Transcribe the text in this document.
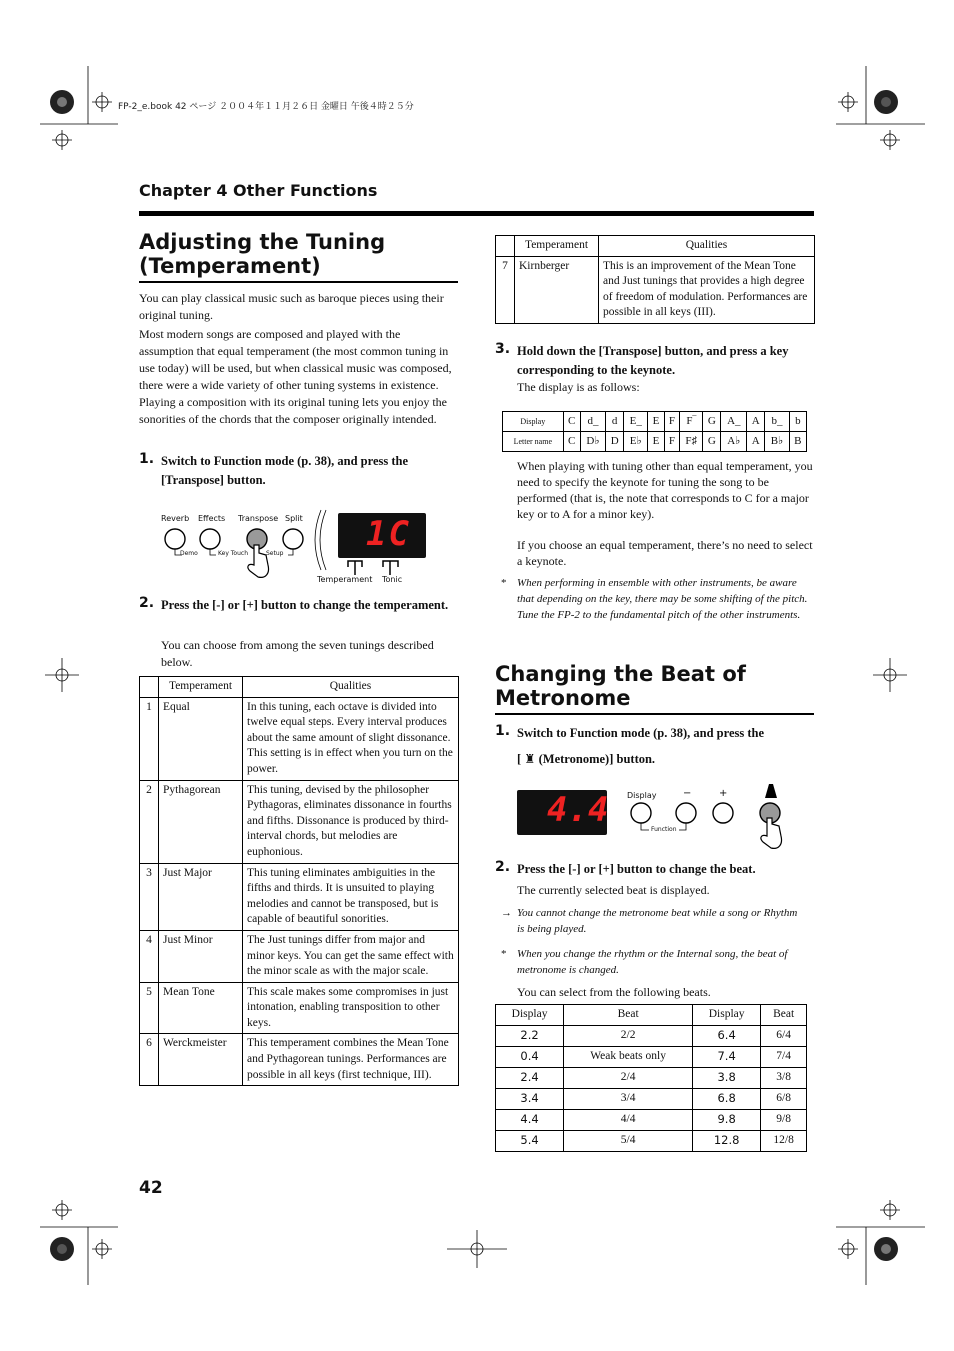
FP-2_e.book 42 ページ ２００４年１１月２６日 金曜日 午後４時２５分
Chapter 4 Other Functions
Adjusting the Tuning
(Temperament)
You can play classical music such as baroque pieces using their original tuning.
Most modern songs are composed and played with the assumption that equal temperament (the most common tuning in use today) will be used, but when classical music was composed, there were a wide variety of other tuning systems in existence. Playing a composition with its original tuning lets you enjoy the sonorities of the chords that the composer originally intended.
1. Switch to Function mode (p. 38), and press the [Transpose] button.
Reverb Effects Transpose Split
Demo	Key Touch	Setup 1C
Temperament Tonic
2. Press the [-] or [+] button to change the temperament.
You can choose from among the seven tunings described below.
	Temperament	Qualities
1	Equal	In this tuning, each octave is divided into twelve equal steps. Every interval produces about the same amount of slight dissonance. This setting is in effect when you turn on the power.
2	Pythagorean	This tuning, devised by the philosopher Pythagoras, eliminates dissonance in fourths and fifths. Dissonance is produced by third-interval chords, but melodies are euphonious.
3	Just Major	This tuning eliminates ambiguities in the fifths and thirds. It is unsuited to playing melodies and cannot be transposed, but is capable of beautiful sonorities.
4	Just Minor	The Just tunings differ from major and minor keys. You can get the same effect with the minor scale as with the major scale.
5	Mean Tone	This scale makes some compromises in just intonation, enabling transposition to other keys.
6	Werckmeister	This temperament combines the Mean Tone and Pythagorean tunings. Performances are possible in all keys (first technique, III).
	Temperament	Qualities
7	Kirnberger	This is an improvement of the Mean Tone and Just tunings that provides a high degree of freedom of modulation. Performances are possible in all keys (III).
3. Hold down the [Transpose] button, and press a key corresponding to the keynote.
The display is as follows:
Display	C	d_	d	E_	E	F	F‾	G	A_	A	b_	b
Letter name	C	D♭	D	E♭	E	F	F♯	G	A♭	A	B♭	B
When playing with tuning other than equal temperament, you need to specify the keynote for tuning the song to be performed (that is, the note that corresponds to C for a major key or to A for a minor key).
If you choose an equal temperament, there’s no need to select a keynote.
* When performing in ensemble with other instruments, be aware that depending on the key, there may be some shifting of the pitch. Tune the FP-2 to the fundamental pitch of the other instruments.
Changing the Beat of
Metronome
1. Switch to Function mode (p. 38), and press the
[ ♜ (Metronome)] button.
4.4 Display	−	+
Function
2. Press the [-] or [+] button to change the beat.
The currently selected beat is displayed.
→ You cannot change the metronome beat while a song or Rhythm is being played.
* When you change the rhythm or the Internal song, the beat of metronome is changed.
You can select from the following beats.
Display	Beat	Display	Beat
2.2	2/2	6.4	6/4
0.4	Weak beats only	7.4	7/4
2.4	2/4	3.8	3/8
3.4	3/4	6.8	6/8
4.4	4/4	9.8	9/8
5.4	5/4	12.8	12/8
42
